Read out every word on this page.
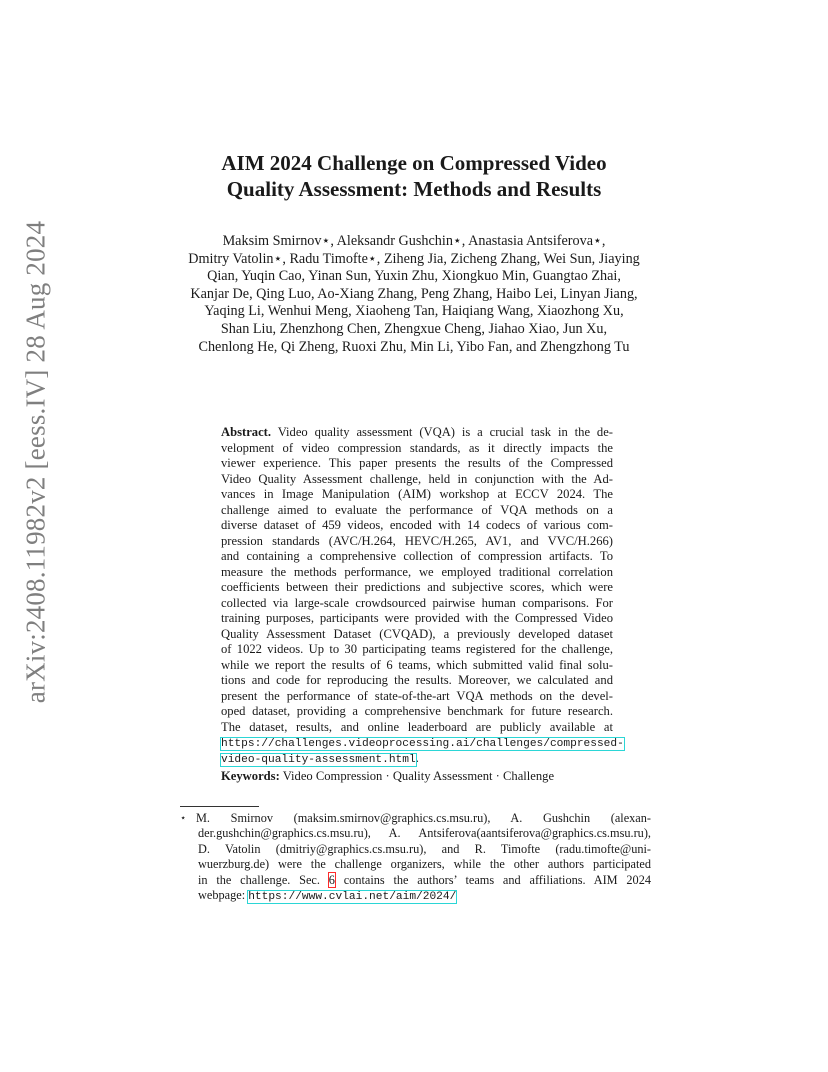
arXiv:2408.11982v2 [eess.IV] 28 Aug 2024
AIM 2024 Challenge on Compressed Video
Quality Assessment: Methods and Results
Maksim Smirnov⋆, Aleksandr Gushchin⋆, Anastasia Antsiferova⋆,
Dmitry Vatolin⋆, Radu Timofte⋆, Ziheng Jia, Zicheng Zhang, Wei Sun, Jiaying
Qian, Yuqin Cao, Yinan Sun, Yuxin Zhu, Xiongkuo Min, Guangtao Zhai,
Kanjar De, Qing Luo, Ao-Xiang Zhang, Peng Zhang, Haibo Lei, Linyan Jiang,
Yaqing Li, Wenhui Meng, Xiaoheng Tan, Haiqiang Wang, Xiaozhong Xu,
Shan Liu, Zhenzhong Chen, Zhengxue Cheng, Jiahao Xiao, Jun Xu,
Chenlong He, Qi Zheng, Ruoxi Zhu, Min Li, Yibo Fan, and Zhengzhong Tu
Abstract. Video quality assessment (VQA) is a crucial task in the de-
velopment of video compression standards, as it directly impacts the
viewer experience. This paper presents the results of the Compressed
Video Quality Assessment challenge, held in conjunction with the Ad-
vances in Image Manipulation (AIM) workshop at ECCV 2024. The
challenge aimed to evaluate the performance of VQA methods on a
diverse dataset of 459 videos, encoded with 14 codecs of various com-
pression standards (AVC/H.264, HEVC/H.265, AV1, and VVC/H.266)
and containing a comprehensive collection of compression artifacts. To
measure the methods performance, we employed traditional correlation
coefficients between their predictions and subjective scores, which were
collected via large-scale crowdsourced pairwise human comparisons. For
training purposes, participants were provided with the Compressed Video
Quality Assessment Dataset (CVQAD), a previously developed dataset
of 1022 videos. Up to 30 participating teams registered for the challenge,
while we report the results of 6 teams, which submitted valid final solu-
tions and code for reproducing the results. Moreover, we calculated and
present the performance of state-of-the-art VQA methods on the devel-
oped dataset, providing a comprehensive benchmark for future research.
The dataset, results, and online leaderboard are publicly available at
https://challenges.videoprocessing.ai/challenges/compressed-
video-quality-assessment.html.
Keywords: Video Compression · Quality Assessment · Challenge
⋆ M. Smirnov (maksim.smirnov@graphics.cs.msu.ru), A. Gushchin (alexan-
der.gushchin@graphics.cs.msu.ru), A. Antsiferova(aantsiferova@graphics.cs.msu.ru),
D. Vatolin (dmitriy@graphics.cs.msu.ru), and R. Timofte (radu.timofte@uni-
wuerzburg.de) were the challenge organizers, while the other authors participated
in the challenge. Sec. 6 contains the authors’ teams and affiliations. AIM 2024
webpage: https://www.cvlai.net/aim/2024/
